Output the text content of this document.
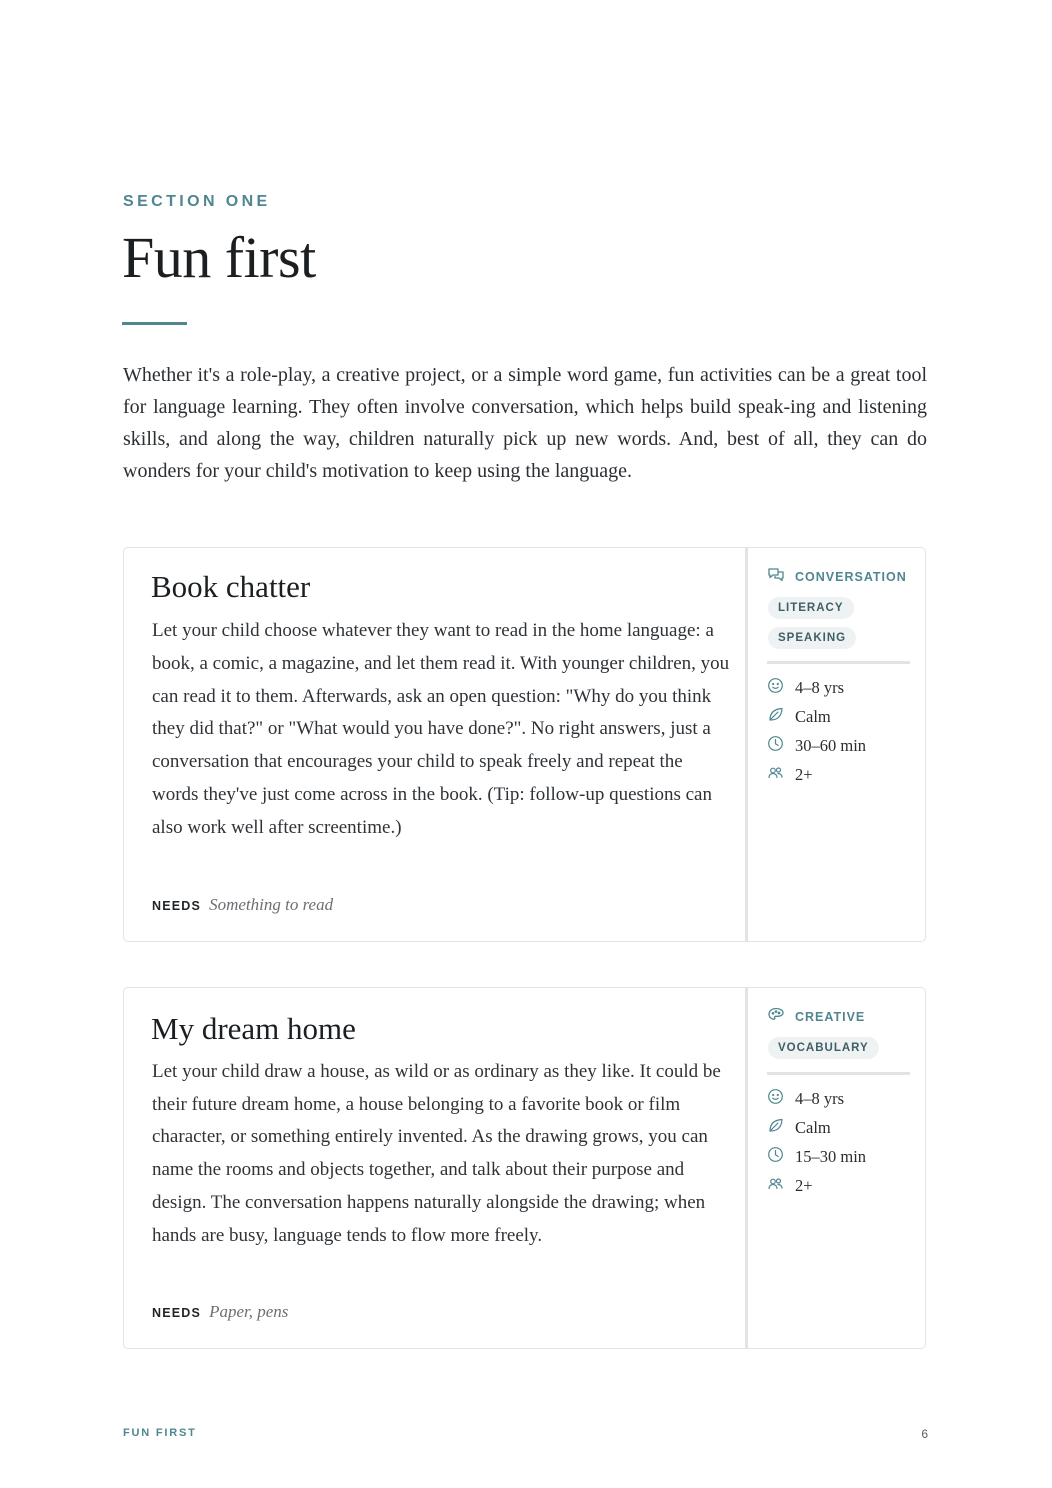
SECTION ONE

Fun first

Whether it's a role-play, a creative project, or a simple word game, fun activities can be a great tool for language learning. They often involve conversation, which helps build speak-ing and listening skills, and along the way, children naturally pick up new words. And, best of all, they can do wonders for your child's motivation to keep using the language.

Book chatter

Let your child choose whatever they want to read in the home language: a book, a comic, a magazine, and let them read it. With younger children, you can read it to them. Afterwards, ask an open question: "Why do you think they did that?" or "What would you have done?". No right answers, just a conversation that encourages your child to speak freely and repeat the words they've just come across in the book. (Tip: follow-up questions can also work well after screentime.)

NEEDS Something to read

CONVERSATION
LITERACY
SPEAKING
4–8 yrs
Calm
30–60 min
2+
My dream home

Let your child draw a house, as wild or as ordinary as they like. It could be their future dream home, a house belonging to a favorite book or film character, or something entirely invented. As the drawing grows, you can name the rooms and objects together, and talk about their purpose and design. The conversation happens naturally alongside the drawing; when hands are busy, language tends to flow more freely.

NEEDS Paper, pens

CREATIVE
VOCABULARY
4–8 yrs
Calm
15–30 min
2+

FUN FIRST	6
